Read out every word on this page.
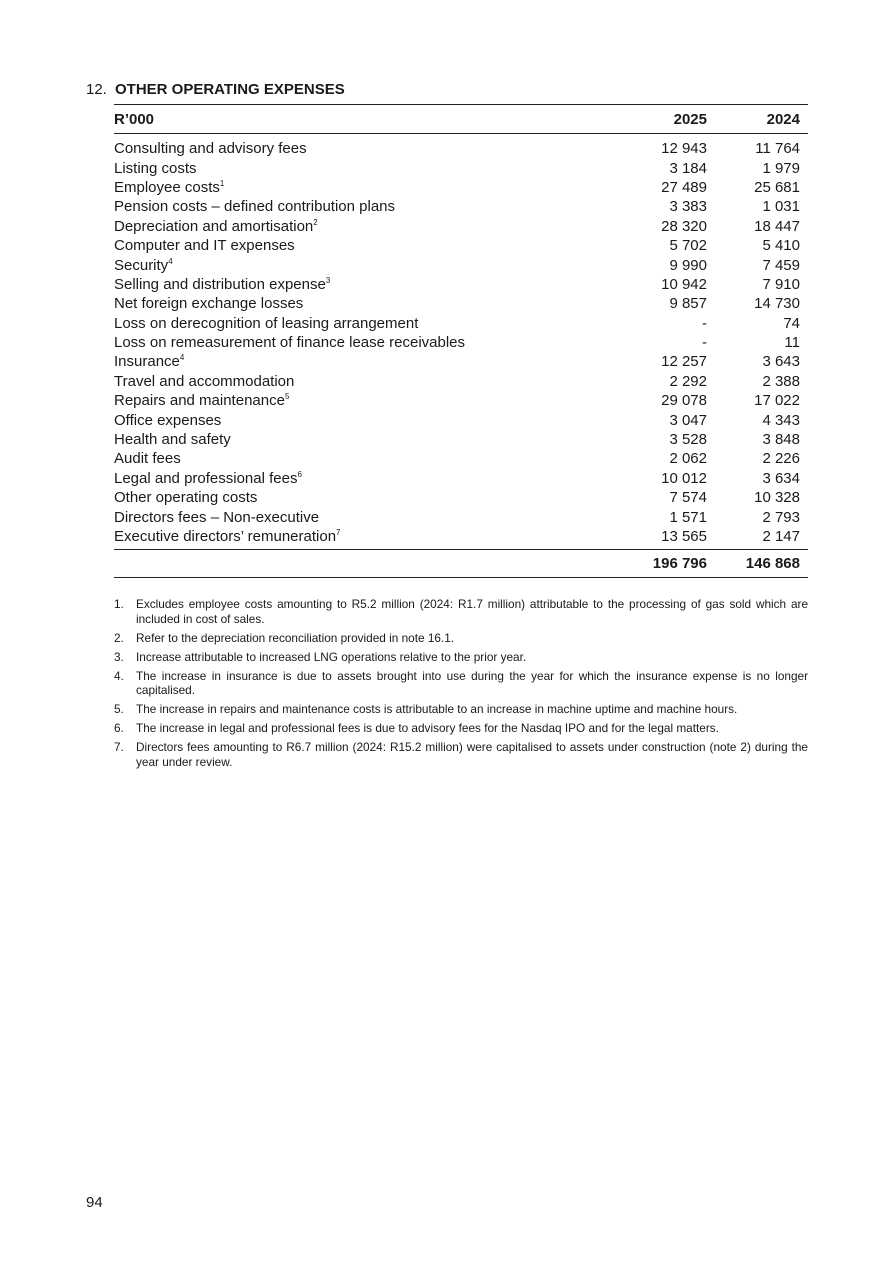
12. OTHER OPERATING EXPENSES
R’000	2025	2024
Consulting and advisory fees	12 943	11 764
Listing costs	3 184	1 979
Employee costs$^1$	27 489	25 681
Pension costs – defined contribution plans	3 383	1 031
Depreciation and amortisation$^2$	28 320	18 447
Computer and IT expenses	5 702	5 410
Security$^4$	9 990	7 459
Selling and distribution expense$^3$	10 942	7 910
Net foreign exchange losses	9 857	14 730
Loss on derecognition of leasing arrangement	-	74
Loss on remeasurement of finance lease receivables	-	11
Insurance$^4$	12 257	3 643
Travel and accommodation	2 292	2 388
Repairs and maintenance$^5$	29 078	17 022
Office expenses	3 047	4 343
Health and safety	3 528	3 848
Audit fees	2 062	2 226
Legal and professional fees$^6$	10 012	3 634
Other operating costs	7 574	10 328
Directors fees – Non-executive	1 571	2 793
Executive directors’ remuneration$^7$	13 565	2 147
	196 796	146 868
1.	Excludes employee costs amounting to R5.2 million (2024: R1.7 million) attributable to the processing of gas sold which are included in cost of sales.
2.	Refer to the depreciation reconciliation provided in note 16.1.
3.	Increase attributable to increased LNG operations relative to the prior year.
4.	The increase in insurance is due to assets brought into use during the year for which the insurance expense is no longer capitalised.
5.	The increase in repairs and maintenance costs is attributable to an increase in machine uptime and machine hours.
6.	The increase in legal and professional fees is due to advisory fees for the Nasdaq IPO and for the legal matters.
7.	Directors fees amounting to R6.7 million (2024: R15.2 million) were capitalised to assets under construction (note 2) during the year under review.
94
